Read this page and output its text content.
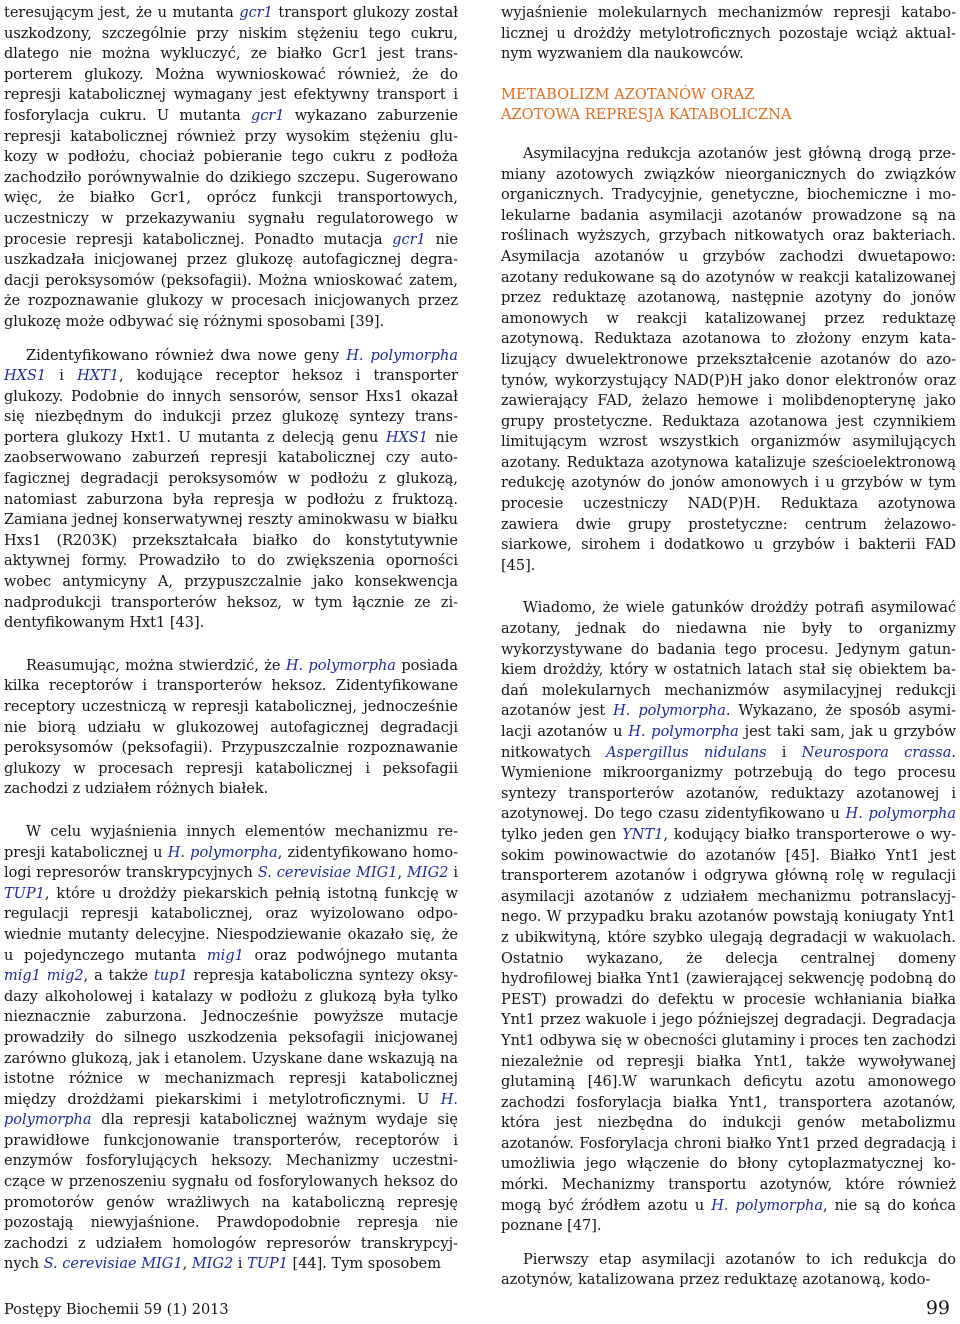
teresującym jest, że u mutanta gcr1 transport glukozy został uszkodzony, szczególnie przy niskim stężeniu tego cukru, dlatego nie można wykluczyć, ze białko Gcr1 jest transporterem glukozy. Można wywnioskować również, że do represji katabolicznej wymagany jest efektywny transport i fosforylacja cukru. U mutanta gcr1 wykazano zaburzenie represji katabolicznej również przy wysokim stężeniu glukozy w podłożu, chociaż pobieranie tego cukru z podłoża zachodziło porównywalnie do dzikiego szczepu. Sugerowano więc, że białko Gcr1, oprócz funkcji transportowych, uczestniczy w przekazywaniu sygnału regulatorowego w procesie represji katabolicznej. Ponadto mutacja gcr1 nie uszkadzała inicjowanej przez glukozę autofagicznej degradacji peroksysomów (peksofagii). Można wnioskować zatem, że rozpoznawanie glukozy w procesach inicjowanych przez glukozę może odbywać się różnymi sposobami [39].

Zidentyfikowano również dwa nowe geny H. polymorpha HXS1 i HXT1, kodujące receptor heksoz i transporter glukozy. Podobnie do innych sensorów, sensor Hxs1 okazał się niezbędnym do indukcji przez glukozę syntezy transportera glukozy Hxt1. U mutanta z delecją genu HXS1 nie zaobserwowano zaburzeń represji katabolicznej czy autofagicznej degradacji peroksysomów w podłożu z glukozą, natomiast zaburzona była represja w podłożu z fruktozą. Zamiana jednej konserwatywnej reszty aminokwasu w białku Hxs1 (R203K) przekształcała białko do konstytutywnie aktywnej formy. Prowadziło to do zwiększenia oporności wobec antymicyny A, przypuszczalnie jako konsekwencja nadprodukcji transporterów heksoz, w tym łącznie ze zidentyfikowanym Hxt1 [43].

Reasumując, można stwierdzić, że H. polymorpha posiada kilka receptorów i transporterów heksoz. Zidentyfikowane receptory uczestniczą w represji katabolicznej, jednocześnie nie biorą udziału w glukozowej autofagicznej degradacji peroksysomów (peksofagii). Przypuszczalnie rozpoznawanie glukozy w procesach represji katabolicznej i peksofagii zachodzi z udziałem różnych białek.

W celu wyjaśnienia innych elementów mechanizmu represji katabolicznej u H. polymorpha, zidentyfikowano homologi represorów transkrypcyjnych S. cerevisiae MIG1, MIG2 i TUP1, które u drożdży piekarskich pełnią istotną funkcję w regulacji represji katabolicznej, oraz wyizolowano odpowiednie mutanty delecyjne. Niespodziewanie okazało się, że u pojedynczego mutanta mig1 oraz podwójnego mutanta mig1 mig2, a także tup1 represja kataboliczna syntezy oksydazy alkoholowej i katalazy w podłożu z glukozą była tylko nieznacznie zaburzona. Jednocześnie powyższe mutacje prowadziły do silnego uszkodzenia peksofagii inicjowanej zarówno glukozą, jak i etanolem. Uzyskane dane wskazują na istotne różnice w mechanizmach represji katabolicznej między drożdżami piekarskimi i metylotroficznymi. U H. polymorpha dla represji katabolicznej ważnym wydaje się prawidłowe funkcjonowanie transporterów, receptorów i enzymów fosforylujących heksozy. Mechanizmy uczestniczące w przenoszeniu sygnału od fosforylowanych heksoz do promotorów genów wrażliwych na kataboliczną represję pozostają niewyjaśnione. Prawdopodobnie represja nie zachodzi z udziałem homologów represorów transkrypcyjnych S. cerevisiae MIG1, MIG2 i TUP1 [44]. Tym sposobem

wyjaśnienie molekularnych mechanizmów represji katabolicznej u drożdży metylotroficznych pozostaje wciąż aktualnym wyzwaniem dla naukowców.

METABOLIZM AZOTANÓW ORAZ
AZOTOWA REPRESJA KATABOLICZNA

Asymilacyjna redukcja azotanów jest główną drogą przemiany azotowych związków nieorganicznych do związków organicznych. Tradycyjnie, genetyczne, biochemiczne i molekularne badania asymilacji azotanów prowadzone są na roślinach wyższych, grzybach nitkowatych oraz bakteriach. Asymilacja azotanów u grzybów zachodzi dwuetapowo: azotany redukowane są do azotynów w reakcji katalizowanej przez reduktazę azotanową, następnie azotyny do jonów amonowych w reakcji katalizowanej przez reduktazę azotynową. Reduktaza azotanowa to złożony enzym katalizujący dwuelektronowe przekształcenie azotanów do azotynów, wykorzystujący NAD(P)H jako donor elektronów oraz zawierający FAD, żelazo hemowe i molibdenopterynę jako grupy prostetyczne. Reduktaza azotanowa jest czynnikiem limitującym wzrost wszystkich organizmów asymilujących azotany. Reduktaza azotynowa katalizuje sześcioelektronową redukcję azotynów do jonów amonowych i u grzybów w tym procesie uczestniczy NAD(P)H. Reduktaza azotynowa zawiera dwie grupy prostetyczne: centrum żelazowo-siarkowe, sirohem i dodatkowo u grzybów i bakterii FAD [45].

Wiadomo, że wiele gatunków drożdży potrafi asymilować azotany, jednak do niedawna nie były to organizmy wykorzystywane do badania tego procesu. Jedynym gatunkiem drożdży, który w ostatnich latach stał się obiektem badań molekularnych mechanizmów asymilacyjnej redukcji azotanów jest H. polymorpha. Wykazano, że sposób asymilacji azotanów u H. polymorpha jest taki sam, jak u grzybów nitkowatych Aspergillus nidulans i Neurospora crassa. Wymienione mikroorganizmy potrzebują do tego procesu syntezy transporterów azotanów, reduktazy azotanowej i azotynowej. Do tego czasu zidentyfikowano u H. polymorpha tylko jeden gen YNT1, kodujący białko transporterowe o wysokim powinowactwie do azotanów [45]. Białko Ynt1 jest transporterem azotanów i odgrywa główną rolę w regulacji asymilacji azotanów z udziałem mechanizmu potranslacyjnego. W przypadku braku azotanów powstają koniugaty Ynt1 z ubikwityną, które szybko ulegają degradacji w wakuolach. Ostatnio wykazano, że delecja centralnej domeny hydrofilowej białka Ynt1 (zawierającej sekwencję podobną do PEST) prowadzi do defektu w procesie wchłaniania białka Ynt1 przez wakuole i jego późniejszej degradacji. Degradacja Ynt1 odbywa się w obecności glutaminy i proces ten zachodzi niezależnie od represji białka Ynt1, także wywoływanej glutaminą [46].W warunkach deficytu azotu amonowego zachodzi fosforylacja białka Ynt1, transportera azotanów, która jest niezbędna do indukcji genów metabolizmu azotanów. Fosforylacja chroni białko Ynt1 przed degradacją i umożliwia jego włączenie do błony cytoplazmatycznej komórki. Mechanizmy transportu azotynów, które również mogą być źródłem azotu u H. polymorpha, nie są do końca poznane [47].

Pierwszy etap asymilacji azotanów to ich redukcja do azotynów, katalizowana przez reduktazę azotanową, kodo-

Postępy Biochemii 59 (1) 2013	99
